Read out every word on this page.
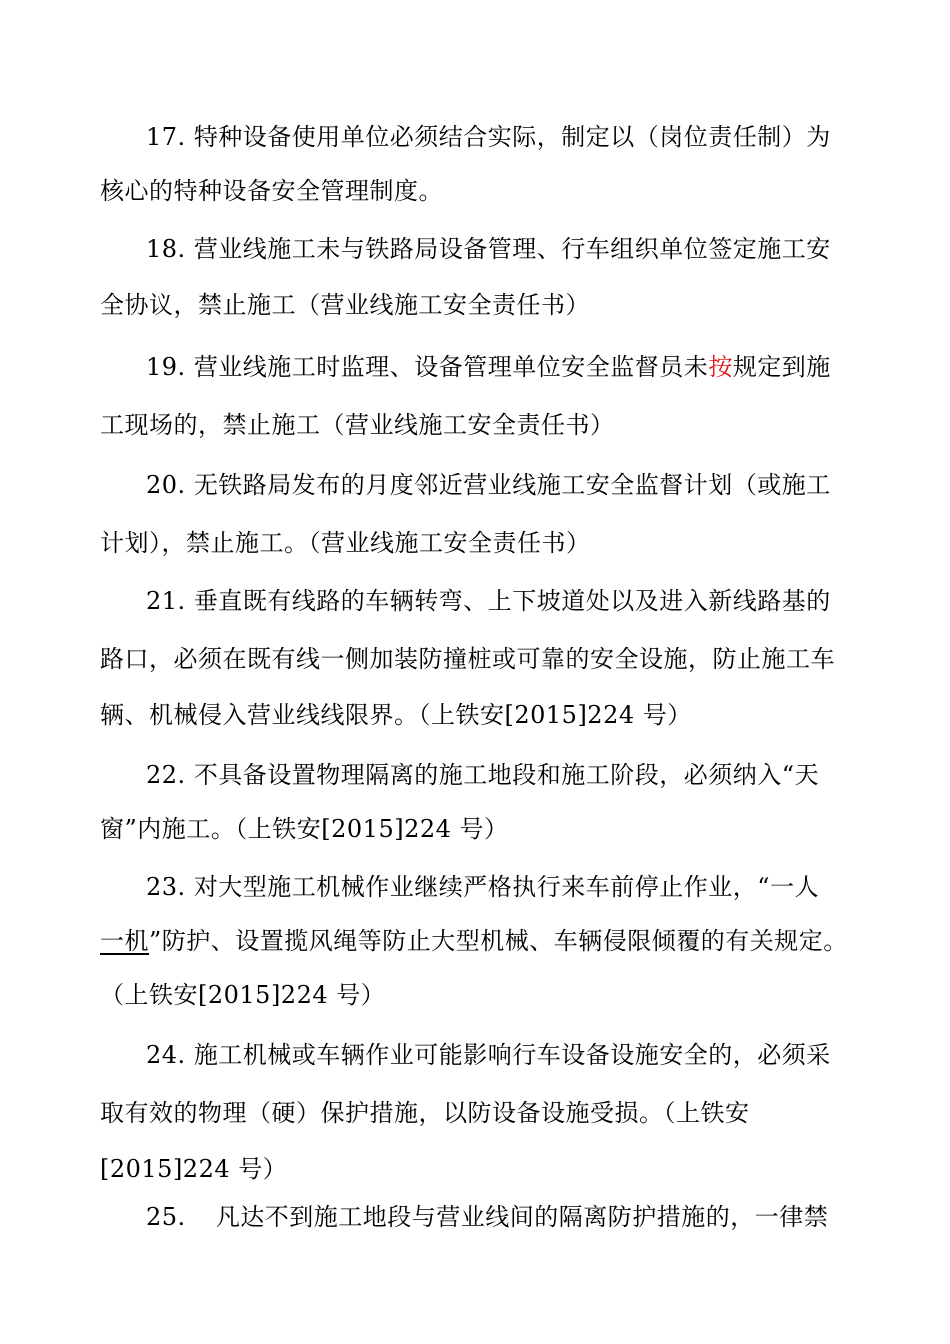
17. 特种设备使用单位必须结合实际，制定以（岗位责任制）为
核心的特种设备安全管理制度。
18. 营业线施工未与铁路局设备管理、行车组织单位签定施工安
全协议，禁止施工（营业线施工安全责任书）
19. 营业线施工时监理、设备管理单位安全监督员未按规定到施
工现场的，禁止施工（营业线施工安全责任书）
20. 无铁路局发布的月度邻近营业线施工安全监督计划（或施工
计划），禁止施工。（营业线施工安全责任书）
21. 垂直既有线路的车辆转弯、上下坡道处以及进入新线路基的
路口，必须在既有线一侧加装防撞桩或可靠的安全设施，防止施工车
辆、机械侵入营业线线限界。（上铁安[2015]224 号）
22. 不具备设置物理隔离的施工地段和施工阶段，必须纳入“天
窗”内施工。（上铁安[2015]224 号）
23. 对大型施工机械作业继续严格执行来车前停止作业，“一人
一机”防护、设置揽风绳等防止大型机械、车辆侵限倾覆的有关规定。
（上铁安[2015]224 号）
24. 施工机械或车辆作业可能影响行车设备设施安全的，必须采
取有效的物理（硬）保护措施，以防设备设施受损。（上铁安
[2015]224 号）
25. 凡达不到施工地段与营业线间的隔离防护措施的，一律禁
